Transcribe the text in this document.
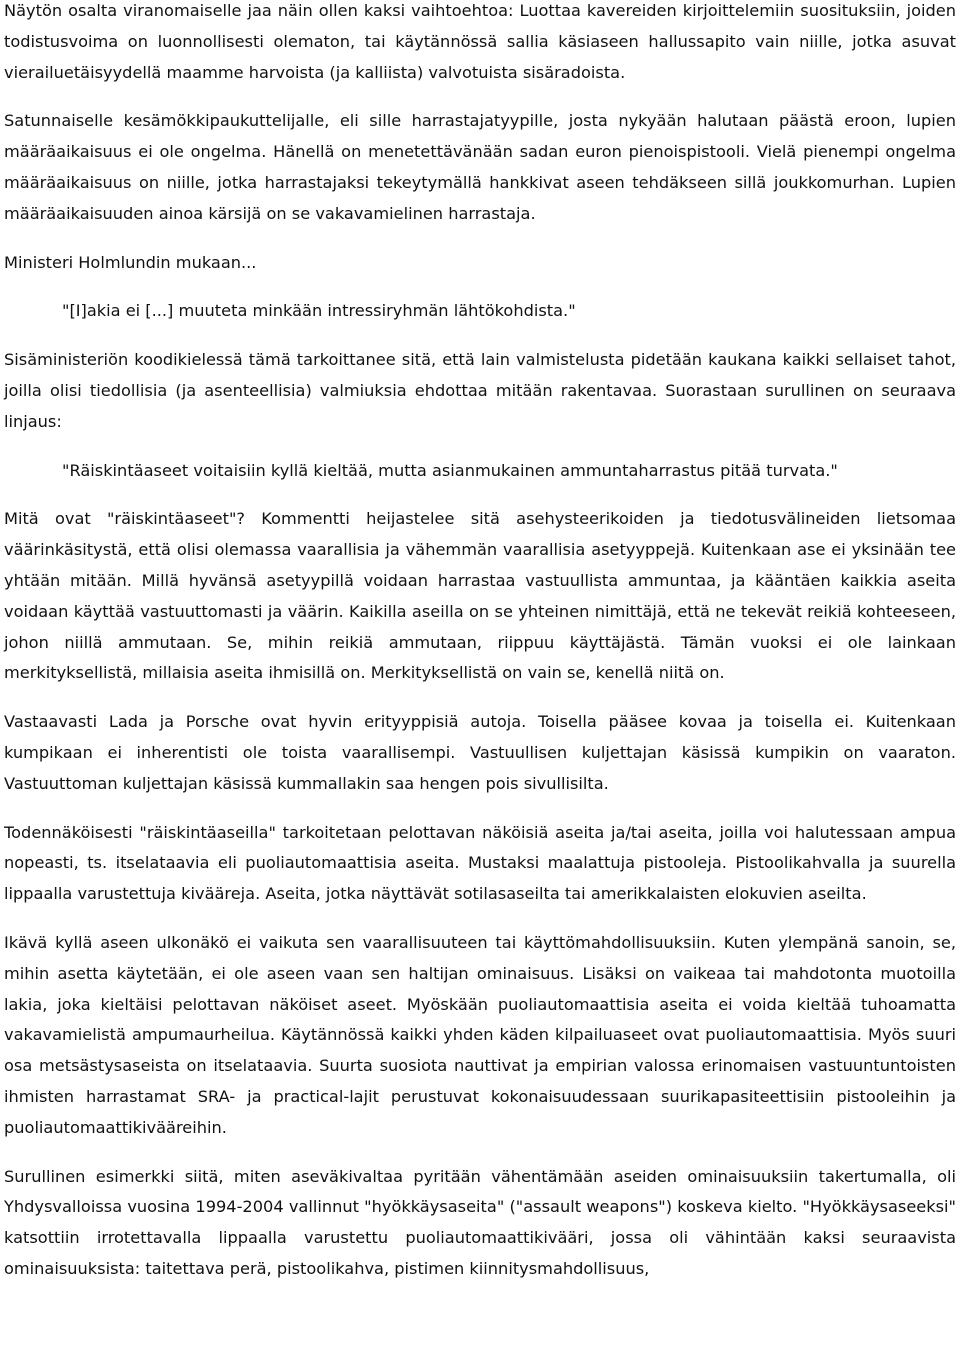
Näytön osalta viranomaiselle jaa näin ollen kaksi vaihtoehtoa: Luottaa kavereiden kirjoittelemiin suosituksiin, joiden todistusvoima on luonnollisesti olematon, tai käytännössä sallia käsiaseen hallussapito vain niille, jotka asuvat vierailuetäisyydellä maamme harvoista (ja kalliista) valvotuista sisäradoista.

Satunnaiselle kesämökkipaukuttelijalle, eli sille harrastajatyypille, josta nykyään halutaan päästä eroon, lupien määräaikaisuus ei ole ongelma. Hänellä on menetettävänään sadan euron pienoispistooli. Vielä pienempi ongelma määräaikaisuus on niille, jotka harrastajaksi tekeytymällä hankkivat aseen tehdäkseen sillä joukkomurhan. Lupien määräaikaisuuden ainoa kärsijä on se vakavamielinen harrastaja.

Ministeri Holmlundin mukaan...

"[I]akia ei [...] muuteta minkään intressiryhmän lähtökohdista."

Sisäministeriön koodikielessä tämä tarkoittanee sitä, että lain valmistelusta pidetään kaukana kaikki sellaiset tahot, joilla olisi tiedollisia (ja asenteellisia) valmiuksia ehdottaa mitään rakentavaa. Suorastaan surullinen on seuraava linjaus:

"Räiskintäaseet voitaisiin kyllä kieltää, mutta asianmukainen ammuntaharrastus pitää turvata."

Mitä ovat "räiskintäaseet"? Kommentti heijastelee sitä asehysteerikoiden ja tiedotusvälineiden lietsomaa väärinkäsitystä, että olisi olemassa vaarallisia ja vähemmän vaarallisia asetyyppejä. Kuitenkaan ase ei yksinään tee yhtään mitään. Millä hyvänsä asetyypillä voidaan harrastaa vastuullista ammuntaa, ja kääntäen kaikkia aseita voidaan käyttää vastuuttomasti ja väärin. Kaikilla aseilla on se yhteinen nimittäjä, että ne tekevät reikiä kohteeseen, johon niillä ammutaan. Se, mihin reikiä ammutaan, riippuu käyttäjästä. Tämän vuoksi ei ole lainkaan merkityksellistä, millaisia aseita ihmisillä on. Merkityksellistä on vain se, kenellä niitä on.

Vastaavasti Lada ja Porsche ovat hyvin erityyppisiä autoja. Toisella pääsee kovaa ja toisella ei. Kuitenkaan kumpikaan ei inherentisti ole toista vaarallisempi. Vastuullisen kuljettajan käsissä kumpikin on vaaraton. Vastuuttoman kuljettajan käsissä kummallakin saa hengen pois sivullisilta.

Todennäköisesti "räiskintäaseilla" tarkoitetaan pelottavan näköisiä aseita ja/tai aseita, joilla voi halutessaan ampua nopeasti, ts. itselataavia eli puoliautomaattisia aseita. Mustaksi maalattuja pistooleja. Pistoolikahvalla ja suurella lippaalla varustettuja kivääreja. Aseita, jotka näyttävät sotilasaseilta tai amerikkalaisten elokuvien aseilta.

Ikävä kyllä aseen ulkonäkö ei vaikuta sen vaarallisuuteen tai käyttömahdollisuuksiin. Kuten ylempänä sanoin, se, mihin asetta käytetään, ei ole aseen vaan sen haltijan ominaisuus. Lisäksi on vaikeaa tai mahdotonta muotoilla lakia, joka kieltäisi pelottavan näköiset aseet. Myöskään puoliautomaattisia aseita ei voida kieltää tuhoamatta vakavamielistä ampumaurheilua. Käytännössä kaikki yhden käden kilpailuaseet ovat puoliautomaattisia. Myös suuri osa metsästysaseista on itselataavia. Suurta suosiota nauttivat ja empirian valossa erinomaisen vastuuntuntoisten ihmisten harrastamat SRA- ja practical-lajit perustuvat kokonaisuudessaan suurikapasiteettisiin pistooleihin ja puoliautomaattikivääreihin.

Surullinen esimerkki siitä, miten aseväkivaltaa pyritään vähentämään aseiden ominaisuuksiin takertumalla, oli Yhdysvalloissa vuosina 1994-2004 vallinnut "hyökkäysaseita" ("assault weapons") koskeva kielto. "Hyökkäysaseeksi" katsottiin irrotettavalla lippaalla varustettu puoliautomaattikivääri, jossa oli vähintään kaksi seuraavista ominaisuuksista: taitettava perä, pistoolikahva, pistimen kiinnitysmahdollisuus,
